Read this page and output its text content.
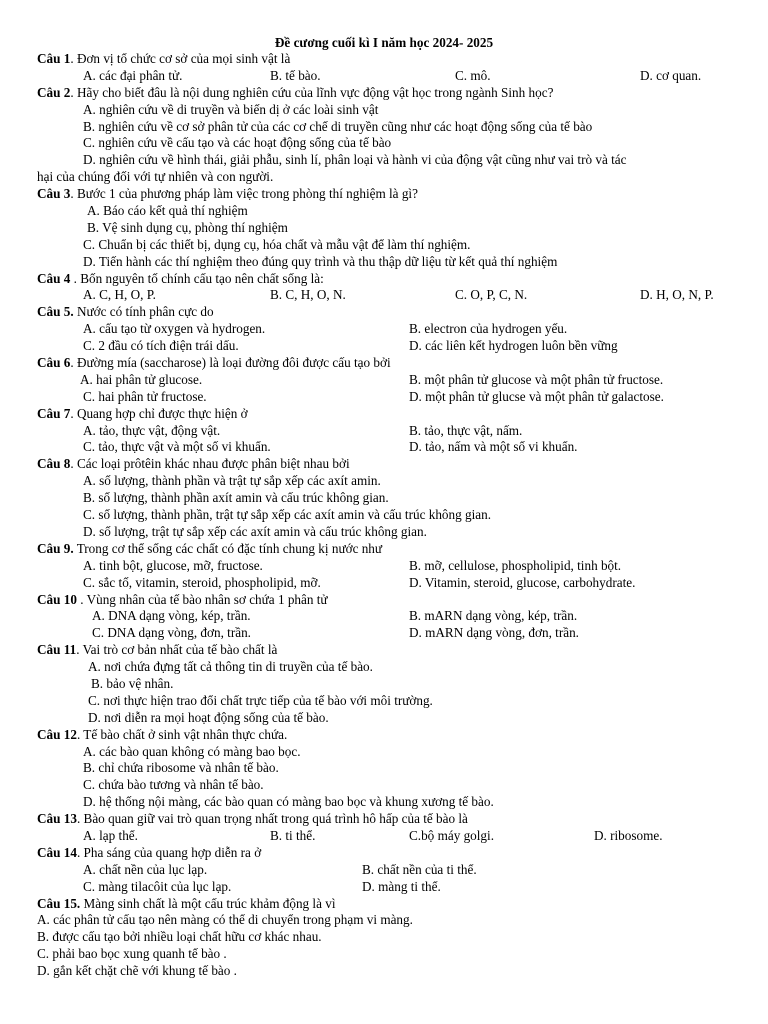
Đề cương cuối kì I năm học 2024- 2025
Câu 1. Đơn vị tổ chức cơ sở của mọi sinh vật là
A. các đại phân tử.	B. tế bào.	C. mô.	D. cơ quan.
Câu 2. Hãy cho biết đâu là nội dung nghiên cứu của lĩnh vực động vật học trong ngành Sinh học?
A. nghiên cứu về di truyền và biến dị ở các loài sinh vật
B. nghiên cứu về cơ sở phân tử của các cơ chế di truyền cũng như các hoạt động sống của tế bào
C. nghiên cứu về cấu tạo và các hoạt động sống của tế bào
D. nghiên cứu về hình thái, giải phẫu, sinh lí, phân loại và hành vi của động vật cũng như vai trò và tác
hại của chúng đối với tự nhiên và con người.
Câu 3. Bước 1 của phương pháp làm việc trong phòng thí nghiệm là gì?
A. Báo cáo kết quả thí nghiệm
B. Vệ sinh dụng cụ, phòng thí nghiệm
C. Chuẩn bị các thiết bị, dụng cụ, hóa chất và mẫu vật để làm thí nghiệm.
D. Tiến hành các thí nghiệm theo đúng quy trình và thu thập dữ liệu từ kết quả thí nghiệm
Câu 4 . Bốn nguyên tố chính cấu tạo nên chất sống là:
A. C, H, O, P.	B. C, H, O, N.	C. O, P, C, N.	D. H, O, N, P.
Câu 5. Nước có tính phân cực do
A. cấu tạo từ oxygen và hydrogen.	B. electron của hydrogen yếu.
C. 2 đầu có tích điện trái dấu.	D. các liên kết hydrogen luôn bền vững
Câu 6. Đường mía (saccharose) là loại đường đôi được cấu tạo bởi
A. hai phân tử glucose.	B. một phân tử glucose và một phân tử fructose.
C. hai phân tử fructose.	D. một phân tử glucse và một phân tử galactose.
Câu 7. Quang hợp chỉ được thực hiện ở
A. tảo, thực vật, động vật.	B. tảo, thực vật, nấm.
C. tảo, thực vật và một số vi khuẩn.	D. tảo, nấm và một số vi khuẩn.
Câu 8. Các loại prôtêin khác nhau được phân biệt nhau bởi
A. số lượng, thành phần và trật tự sắp xếp các axít amin.
B. số lượng, thành phần axít amin và cấu trúc không gian.
C. số lượng, thành phần, trật tự sắp xếp các axít amin và cấu trúc không gian.
D. số lượng, trật tự sắp xếp các axít amin và cấu trúc không gian.
Câu 9. Trong cơ thể sống các chất có đặc tính chung kị nước như
A. tinh bột, glucose, mỡ, fructose.	B. mỡ, cellulose, phospholipid, tinh bột.
C. sắc tố, vitamin, steroid, phospholipid, mỡ.	D. Vitamin, steroid, glucose, carbohydrate.
Câu 10 . Vùng nhân của tế bào nhân sơ chứa 1 phân tử
A. DNA dạng vòng, kép, trần.	B. mARN dạng vòng, kép, trần.
C. DNA dạng vòng, đơn, trần.	D. mARN dạng vòng, đơn, trần.
Câu 11. Vai trò cơ bản nhất của tế bào chất là
A. nơi chứa đựng tất cả thông tin di truyền của tế bào.
B. bảo vệ nhân.
C. nơi thực hiện trao đổi chất trực tiếp của tế bào với môi trường.
D. nơi diễn ra mọi hoạt động sống của tế bào.
Câu 12. Tế bào chất ở sinh vật nhân thực chứa.
A. các bào quan không có màng bao bọc.
B. chỉ chứa ribosome và nhân tế bào.
C. chứa bào tương và nhân tế bào.
D. hệ thống nội màng, các bào quan có màng bao bọc và khung xương tế bào.
Câu 13. Bào quan giữ vai trò quan trọng nhất trong quá trình hô hấp của tế bào là
A. lạp thể.	B. ti thể.	C.bộ máy golgi.	D. ribosome.
Câu 14. Pha sáng của quang hợp diễn ra ở
A. chất nền của lục lạp.	B. chất nền của ti thể.
C. màng tilacôit của lục lạp.	D. màng ti thể.
Câu 15. Màng sinh chất là một cấu trúc khảm động là vì
A. các phân tử cấu tạo nên màng có thể di chuyển trong phạm vi màng.
B. được cấu tạo bởi nhiều loại chất hữu cơ khác nhau.
C. phải bao bọc xung quanh tế bào .
D. gắn kết chặt chẽ với khung tế bào .
